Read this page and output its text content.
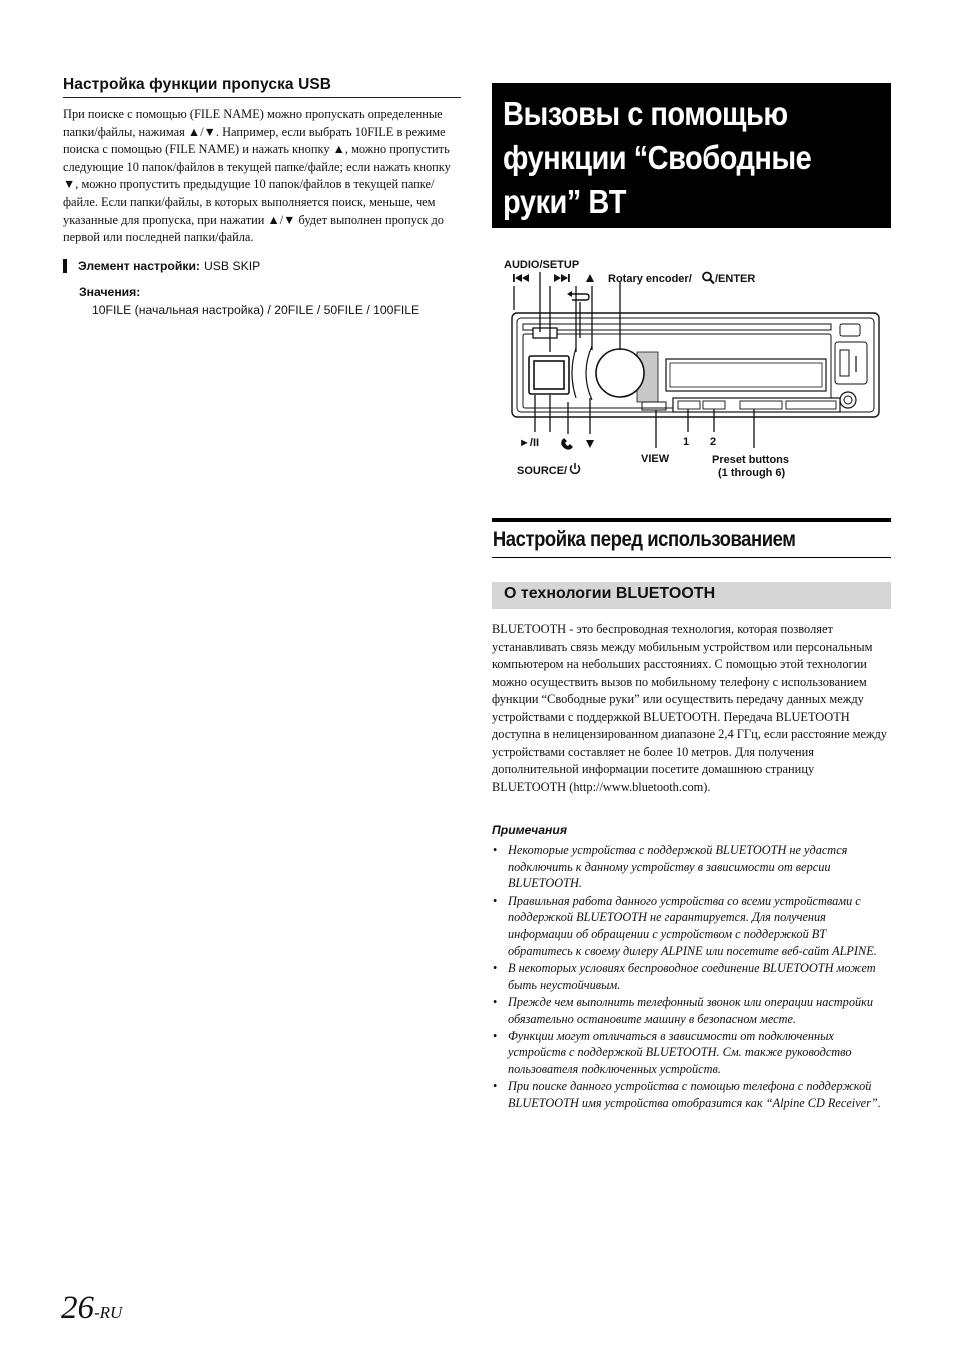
Настройка функции пропуска USB

При поиске с помощью (FILE NAME) можно пропускать определенные папки/файлы, нажимая ▲/▼. Например, если выбрать 10FILE в режиме поиска с помощью (FILE NAME) и нажать кнопку ▲, можно пропустить следующие 10 папок/файлов в текущей папке/файле; если нажать кнопку ▼, можно пропустить предыдущие 10 папок/файлов в текущей папке/файле. Если папки/файлы, в которых выполняется поиск, меньше, чем указанные для пропуска, при нажатии ▲/▼ будет выполнен пропуск до первой или последней папки/файла.

Элемент настройки: USB SKIP
Значения:
10FILE (начальная настройка) / 20FILE / 50FILE / 100FILE
Вызовы с помощью функции “Свободные руки” BT
AUDIO/SETUP
Rotary encoder/ /ENTER
►/II	1 2
VIEW	Preset buttons
(1 through 6)
SOURCE/
Настройка перед использованием
О технологии BLUETOOTH

BLUETOOTH - это беспроводная технология, которая позволяет устанавливать связь между мобильным устройством или персональным компьютером на небольших расстояниях. С помощью этой технологии можно осуществить вызов по мобильному телефону с использованием функции “Свободные руки” или осуществить передачу данных между устройствами с поддержкой BLUETOOTH. Передача BLUETOOTH доступна в нелицензированном диапазоне 2,4 ГГц, если расстояние между устройствами составляет не более 10 метров. Для получения дополнительной информации посетите домашнюю страницу BLUETOOTH (http://www.bluetooth.com).

Примечания
• Некоторые устройства с поддержкой BLUETOOTH не удастся подключить к данному устройству в зависимости от версии BLUETOOTH.
• Правильная работа данного устройства со всеми устройствами с поддержкой BLUETOOTH не гарантируется. Для получения информации об обращении с устройством с поддержкой BT обратитесь к своему дилеру ALPINE или посетите веб-сайт ALPINE.
• В некоторых условиях беспроводное соединение BLUETOOTH может быть неустойчивым.
• Прежде чем выполнить телефонный звонок или операции настройки обязательно остановите машину в безопасном месте.
• Функции могут отличаться в зависимости от подключенных устройств с поддержкой BLUETOOTH. См. также руководство пользователя подключенных устройств.
• При поиске данного устройства с помощью телефона с поддержкой BLUETOOTH имя устройства отобразится как “Alpine CD Receiver”.
26-RU
